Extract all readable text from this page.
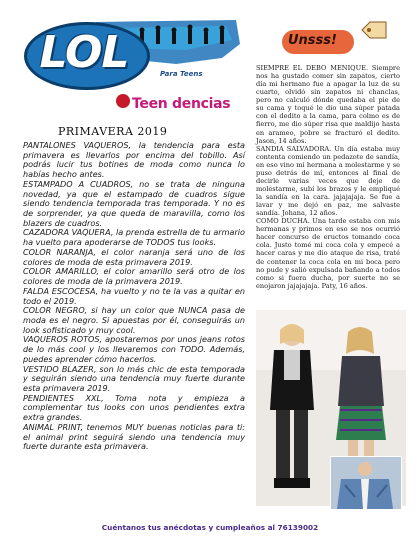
LOL	Para Teens
Teen dencias
PRIMAVERA 2019

PANTALONES VAQUEROS, la tendencia para esta primavera es llevarlos por encima del tobillo. Así podrás lucir tus botines de moda como nunca lo habías hecho antes.

ESTAMPADO A CUADROS, no se trata de ninguna novedad, ya que el estampado de cuadros sigue siendo tendencia temporada tras temporada. Y no es de sorprender, ya que queda de maravilla, como los blazers de cuadros.

CAZADORA VAQUERA, la prenda estrella de tu armario ha vuelto para apoderarse de TODOS tus looks.

COLOR NARANJA, el color naranja será uno de los colores de moda de esta primavera 2019.

COLOR AMARILLO, el color amarillo será otro de los colores de moda de la primavera 2019.

FALDA ESCOCESA, ha vuelto y no te la vas a quitar en todo el 2019.

COLOR NEGRO, si hay un color que NUNCA pasa de moda es el negro. Si apuestas por él, conseguirás un look sofisticado y muy cool.

VAQUEROS ROTOS, apostaremos por unos jeans rotos de lo más cool y los llevaremos con TODO. Además, puedes aprender cómo hacerlos.

VESTIDO BLAZER, son lo más chic de esta temporada y seguirán siendo una tendencia muy fuerte durante esta primavera 2019.

PENDIENTES XXL, Toma nota y empieza a complementar tus looks con unos pendientes extra extra grandes.

ANIMAL PRINT, tenemos MUY buenas noticias para ti: el animal print seguirá siendo una tendencia muy fuerte durante esta primavera.

Unsss!

SIEMPRE EL DEBO MENIQUE. Siempre nos ha gustado comer sin zapatos, cierto día mi hermano fue a apagar la luz de su cuarto, olvidó sin zapatos ni chanclas, pero no calculó dónde quedaba el pie de su cama y toqué le dio una súper patada con el dedito a la cama, para colmo es de fierro, me dio súper risa que maldijo hasta en arameo, pobre se fracturó el dedito. Jason, 14 años.

SANDIA SALVADORA. Un día estaba muy contenta comiendo un pedazote de sandía, en eso vino mi hermana a molestarme y se puso detrás de mí, entonces al final de decirle varias veces que deje de molestarme, subí los brazos y le empliqué la sandía en la cara. jajajajaja. Se fue a lavar y me dejó en paz, me salvaste sandía. Johana, 12 años.

COMO DUCHA. Una tarde estaba con mis hermanas y primos en eso se nos ocurrió hacer concurso de eructos tomando coca cola. Justo tomé mi coca cola y empecé a hacer caras y me dio ataque de risa, traté de contener la coca cola en mi boca pero no pude y salió expulsada bañando a todos como si fuera ducha, por suerte no se enojaron jajajajaja. Paty, 16 años.

Cuéntanos tus anécdotas y cumpleaños al 76139002
